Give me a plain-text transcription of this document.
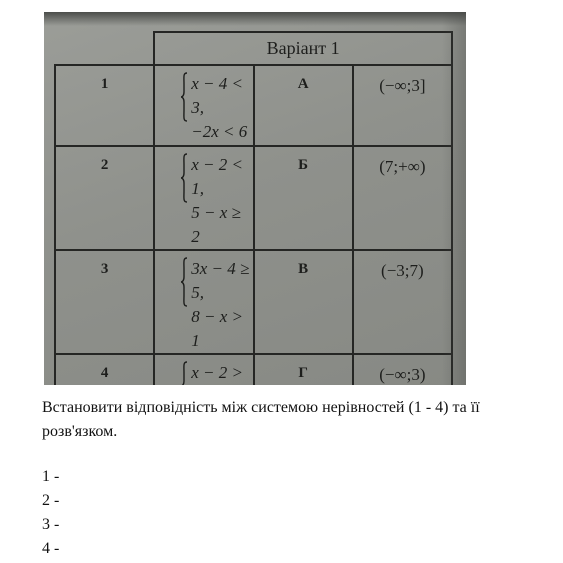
	Варіант 1		
1	x − 4 < 3,
−2x < 6	А	(−∞;3]

2	x − 2 < 1,
5 − x ≥ 2	Б	(7;+∞)

3	3x − 4 ≥ 5,
8 − x > 1	В	(−3;7)

4	x − 2 >	Г	(−∞;3)

Встановити відповідність між системою нерівностей (1 - 4) та її розв'язком.

1 -
2 -
3 -
4 -
